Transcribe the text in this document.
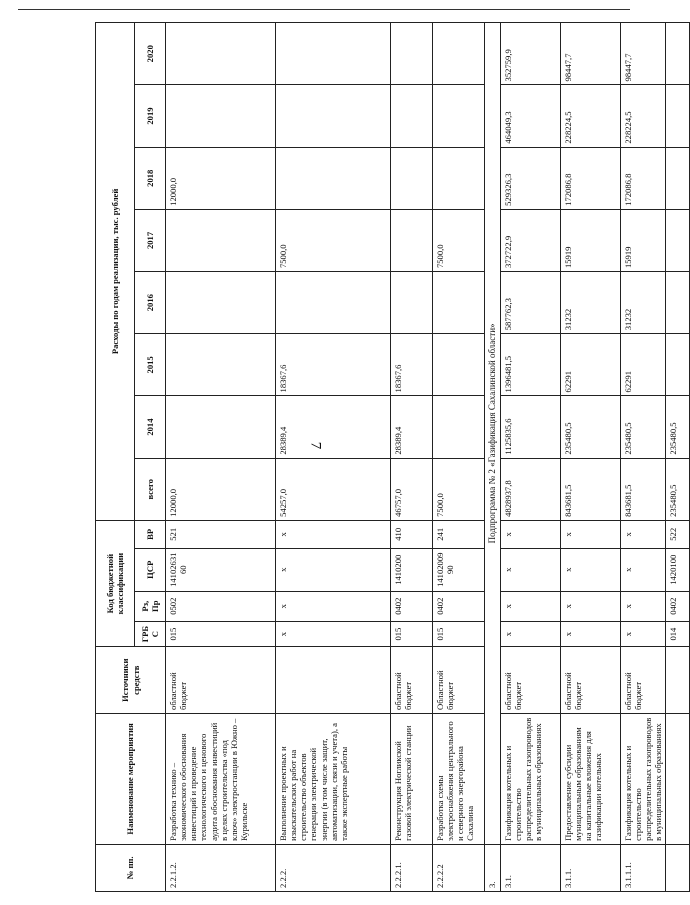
7
№ пп.	Наименование мероприятия	Источники средств	Код бюджетной классификации				Расходы по годам реализации, тыс. рублей							
							всего	2014	2015	2016	2017	2018	2019	2020
			ГРБС	Рз, Пр	ЦСР	ВР								
2.2.1.2.	Разработка технико – экономического обоснования инвестиций и проведение технологического и ценового аудита обоснования инвестиций в целях строительства «под ключ» электростанции в Южно – Курильске	областной бюджет	015	0502	14102631 60	521	12000,0					12000,0		
2.2.2.	Выполнение проектных и изыскательских работ на строительство объектов генерации электрической энергии (в том числе защит, автоматизации, связи и учета), а также экспертные работы		х	х	х	х	54257,0	28389,4	18367,6		7500,0			
2.2.2.1.	Реконструкция Ногликской газовой электрической станции	областной бюджет	015	0402	1410200	410	46757,0	28389,4	18367,6					
2.2.2.2	Разработка схемы электроснабжения центрального и северного энергорайона Сахалина	Областной бюджет	015	0402	14102009 90	241	7500,0				7500,0			
3.	Подпрограмма № 2 «Газификация Сахалинской области»													
3.1.	Газификация котельных и строительство распределительных газопроводов в муниципальных образованиях	областной бюджет	х	х	х	х	4828937,8	1125835,6	1396481,5	587762,3	372722,9	529326,3	464049,3	352759,9
3.1.1.	Предоставление субсидии муниципальным образованиям на капитальные вложения для газификации котельных	областной бюджет	х	х	х	х	843681,5	235480,5	62291	31232	15919	172086,8	228224,5	98447,7
3.1.1.1.	Газификация котельных и строительство распределительных газопроводов в муниципальных образованиях	областной бюджет	х	х	х	х	843681,5	235480,5	62291	31232	15919	172086,8	228224,5	98447,7
			014	0402	1420100	522	235480,5	235480,5						
